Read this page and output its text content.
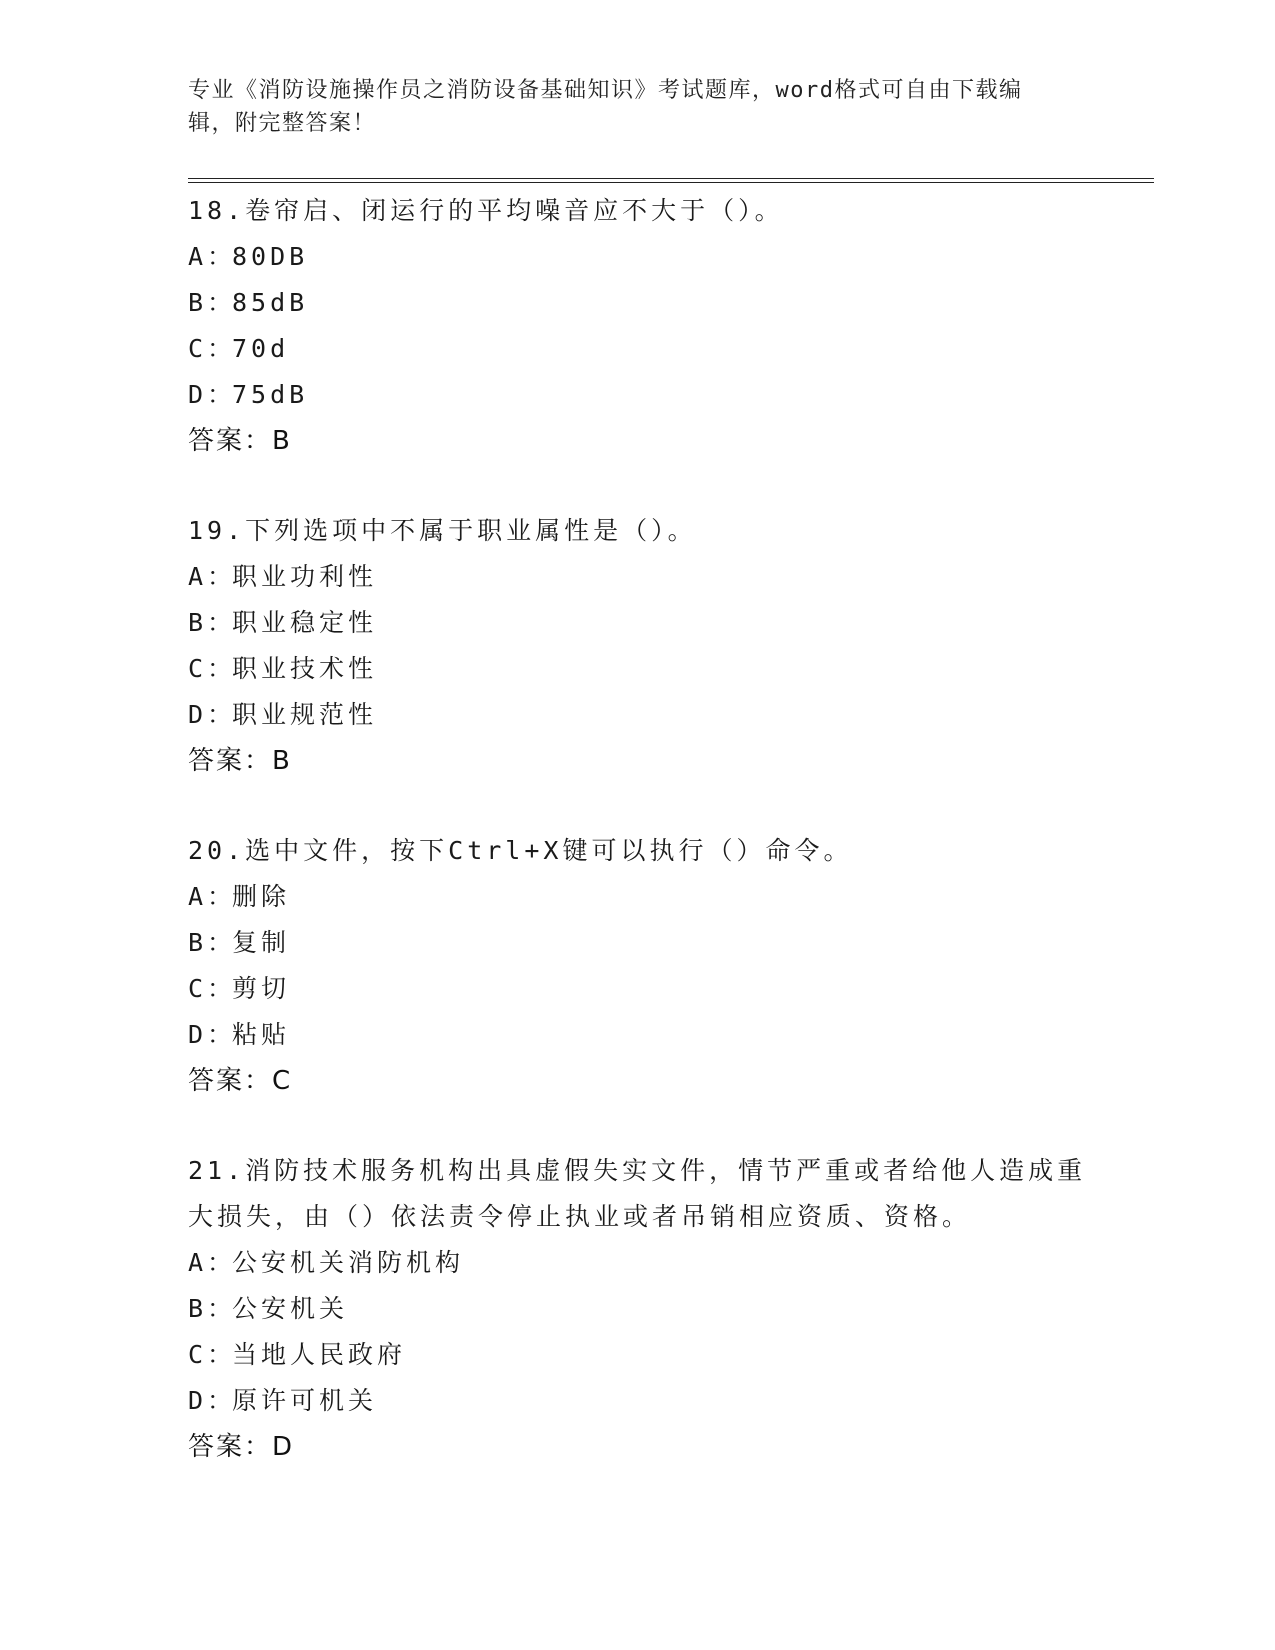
专业《消防设施操作员之消防设备基础知识》考试题库，word格式可自由下载编
辑，附完整答案！

18.卷帘启、闭运行的平均噪音应不大于（）。

A：80DB

B：85dB

C：70d

D：75dB

答案：B

19.下列选项中不属于职业属性是（）。

A：职业功利性

B：职业稳定性

C：职业技术性

D：职业规范性

答案：B

20.选中文件，按下Ctrl+X键可以执行（）命令。

A：删除

B：复制

C：剪切

D：粘贴

答案：C

21.消防技术服务机构出具虚假失实文件，情节严重或者给他人造成重

大损失，由（）依法责令停止执业或者吊销相应资质、资格。

A：公安机关消防机构

B：公安机关

C：当地人民政府

D：原许可机关

答案：D
